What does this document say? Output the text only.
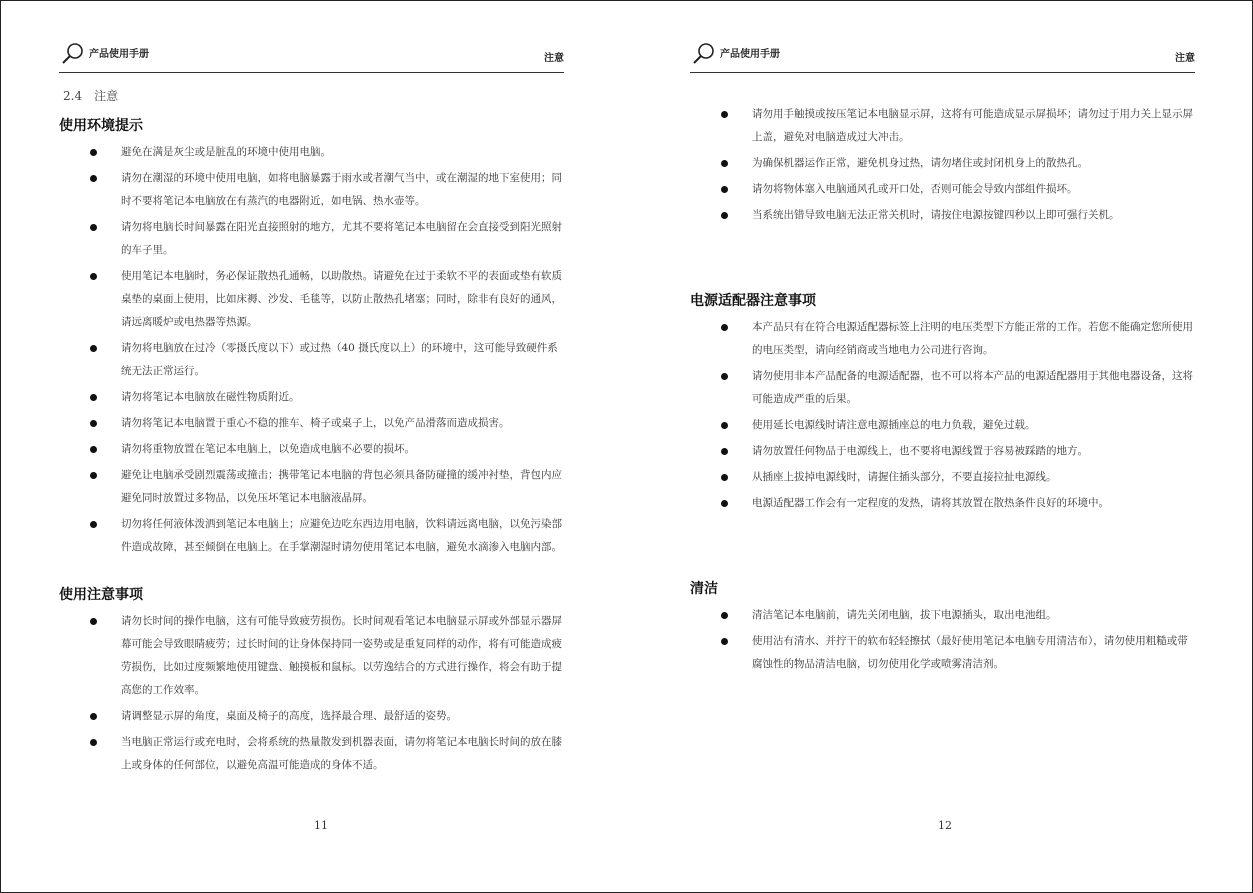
产品使用手册	注意
2.4　注意
使用环境提示
避免在满是灰尘或是脏乱的环境中使用电脑。
请勿在潮湿的环境中使用电脑，如将电脑暴露于雨水或者潮气当中，或在潮湿的地下室使用；同时不要将笔记本电脑放在有蒸汽的电器附近，如电锅、热水壶等。
请勿将电脑长时间暴露在阳光直接照射的地方，尤其不要将笔记本电脑留在会直接受到阳光照射的车子里。
使用笔记本电脑时，务必保证散热孔通畅，以助散热。请避免在过于柔软不平的表面或垫有软质桌垫的桌面上使用，比如床褥、沙发、毛毯等，以防止散热孔堵塞；同时，除非有良好的通风，请远离暖炉或电热器等热源。
请勿将电脑放在过冷（零摄氏度以下）或过热（40 摄氏度以上）的环境中，这可能导致硬件系统无法正常运行。
请勿将笔记本电脑放在磁性物质附近。
请勿将笔记本电脑置于重心不稳的推车、椅子或桌子上，以免产品滑落而造成损害。
请勿将重物放置在笔记本电脑上，以免造成电脑不必要的损坏。
避免让电脑承受剧烈震荡或撞击；携带笔记本电脑的背包必须具备防碰撞的缓冲衬垫，背包内应避免同时放置过多物品，以免压坏笔记本电脑液晶屏。
切勿将任何液体泼洒到笔记本电脑上；应避免边吃东西边用电脑，饮料请远离电脑，以免污染部件造成故障，甚至倾倒在电脑上。在手掌潮湿时请勿使用笔记本电脑，避免水滴渗入电脑内部。
使用注意事项
请勿长时间的操作电脑，这有可能导致疲劳损伤。长时间观看笔记本电脑显示屏或外部显示器屏幕可能会导致眼睛疲劳；过长时间的让身体保持同一姿势或是重复同样的动作，将有可能造成疲劳损伤，比如过度频繁地使用键盘、触摸板和鼠标。以劳逸结合的方式进行操作，将会有助于提高您的工作效率。
请调整显示屏的角度，桌面及椅子的高度，选择最合理、最舒适的姿势。
当电脑正常运行或充电时，会将系统的热量散发到机器表面，请勿将笔记本电脑长时间的放在膝上或身体的任何部位，以避免高温可能造成的身体不适。
11
产品使用手册	注意
请勿用手触摸或按压笔记本电脑显示屏，这将有可能造成显示屏损坏；请勿过于用力关上显示屏上盖，避免对电脑造成过大冲击。
为确保机器运作正常，避免机身过热，请勿堵住或封闭机身上的散热孔。
请勿将物体塞入电脑通风孔或开口处，否则可能会导致内部组件损坏。
当系统出错导致电脑无法正常关机时，请按住电源按键四秒以上即可强行关机。
电源适配器注意事项
本产品只有在符合电源适配器标签上注明的电压类型下方能正常的工作。若您不能确定您所使用的电压类型，请向经销商或当地电力公司进行咨询。
请勿使用非本产品配备的电源适配器，也不可以将本产品的电源适配器用于其他电器设备，这将可能造成严重的后果。
使用延长电源线时请注意电源插座总的电力负载，避免过载。
请勿放置任何物品于电源线上，也不要将电源线置于容易被踩踏的地方。
从插座上拔掉电源线时，请握住插头部分，不要直接拉扯电源线。
电源适配器工作会有一定程度的发热，请将其放置在散热条件良好的环境中。
清洁
清洁笔记本电脑前，请先关闭电脑，拔下电源插头，取出电池组。
使用沾有清水、并拧干的软布轻轻擦拭（最好使用笔记本电脑专用清洁布），请勿使用粗糙或带腐蚀性的物品清洁电脑，切勿使用化学或喷雾清洁剂。
12
